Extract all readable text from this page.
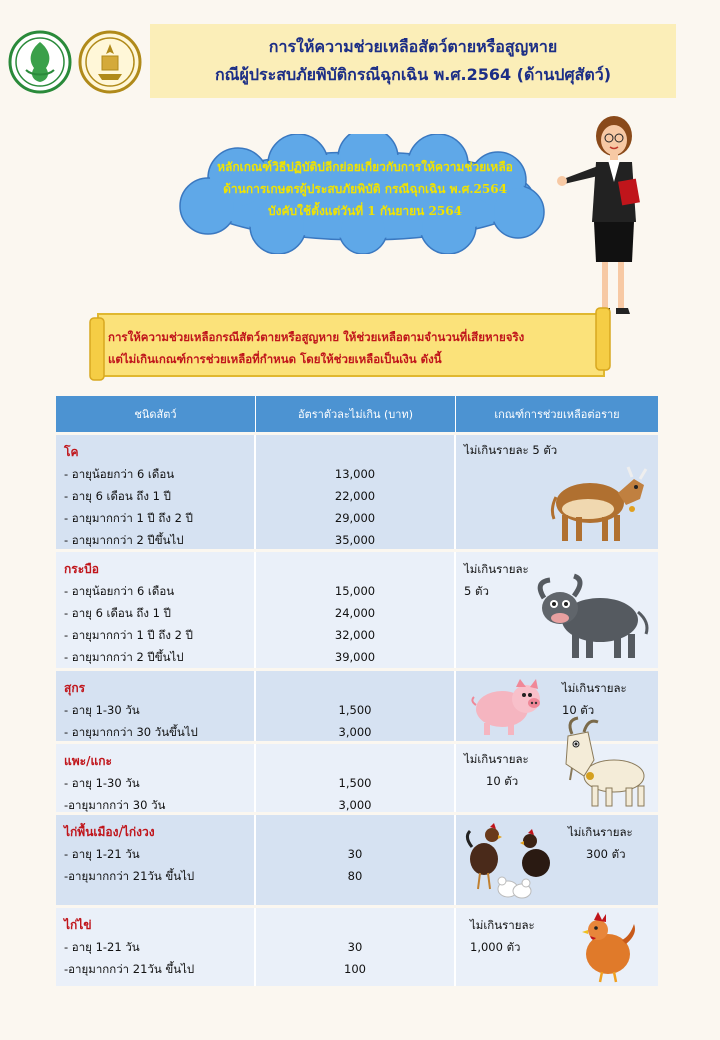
การให้ความช่วยเหลือสัตว์ตายหรือสูญหาย
กณีผู้ประสบภัยพิบัติกรณีฉุกเฉิน พ.ศ.2564 (ด้านปศุสัตว์)
หลักเกณฑ์วิธีปฏิบัติปลีกย่อยเกี่ยวกับการให้ความช่วยเหลือ
ด้านการเกษตรผู้ประสบภัยพิบัติ กรณีฉุกเฉิน พ.ศ.2564
บังคับใช้ตั้งแต่วันที่ 1 กันยายน 2564
การให้ความช่วยเหลือกรณีสัตว์ตายหรือสูญหาย ให้ช่วยเหลือตามจำนวนที่เสียหายจริง
แต่ไม่เกินเกณฑ์การช่วยเหลือที่กำหนด โดยให้ช่วยเหลือเป็นเงิน ดังนี้
ชนิดสัตว์	อัตราตัวละไม่เกิน (บาท)	เกณฑ์การช่วยเหลือต่อราย
โค
- อายุน้อยกว่า 6 เดือน
- อายุ 6 เดือน ถึง 1 ปี
- อายุมากกว่า 1 ปี ถึง 2 ปี
- อายุมากกว่า 2 ปีขึ้นไป
13,000
22,000
29,000
35,000
ไม่เกินรายละ 5 ตัว
กระบือ
- อายุน้อยกว่า 6 เดือน
- อายุ 6 เดือน ถึง 1 ปี
- อายุมากกว่า 1 ปี ถึง 2 ปี
- อายุมากกว่า 2 ปีขึ้นไป
15,000
24,000
32,000
39,000
ไม่เกินรายละ
5 ตัว
สุกร
- อายุ 1-30 วัน
- อายุมากกว่า 30 วันขึ้นไป
1,500
3,000
ไม่เกินรายละ
10 ตัว
แพะ/แกะ
- อายุ 1-30 วัน
-อายุมากกว่า 30 วัน
1,500
3,000
ไม่เกินรายละ
10 ตัว
ไก่พื้นเมือง/ไก่งวง
- อายุ 1-21 วัน
-อายุมากกว่า 21วัน ขึ้นไป
30
80
ไม่เกินรายละ
300 ตัว
ไก่ไข่
- อายุ 1-21 วัน
-อายุมากกว่า 21วัน ขึ้นไป
30
100
ไม่เกินรายละ
1,000 ตัว
